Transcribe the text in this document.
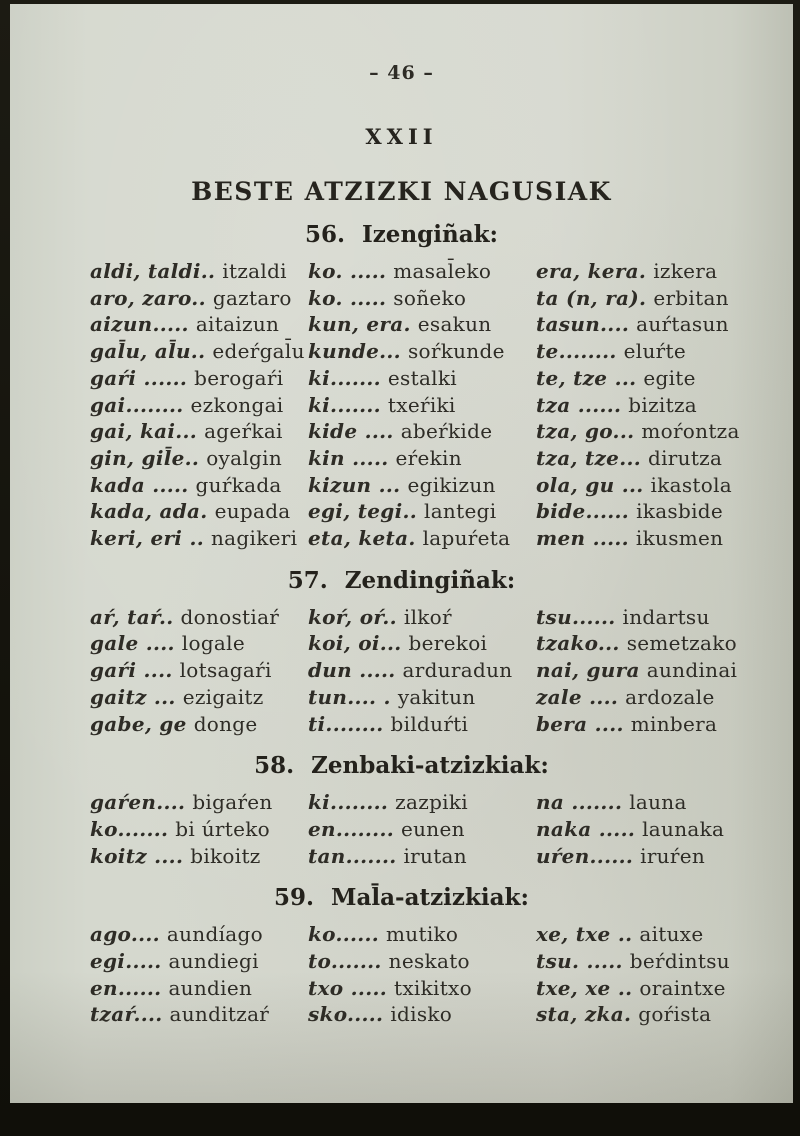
– 46 –
XXII
BESTE ATZIZKI NAGUSIAK
56. Izengiñak:
aldi, taldi.. itzaldi
aro, zaro.. gaztaro
aizun..... aitaizun
gal̄u, al̄u.. edeŕgal̄u
gaŕi ...... berogaŕi
gai........ ezkongai
gai, kai... ageŕkai
gin, gil̄e.. oyalgin
kada ..... guŕkada
kada, ada. eupada
keri, eri .. nagikeri
ko. ..... masal̄eko
ko. ..... soñeko
kun, era. esakun
kunde... soŕkunde
ki....... estalki
ki....... txeŕiki
kide .... abeŕkide
kin ..... eŕekin
kizun ... egikizun
egi, tegi.. lantegi
eta, keta. lapuŕeta
era, kera. izkera
ta (n, ra). erbitan
tasun.... auŕtasun
te........ eluŕte
te, tze ... egite
tza ...... bizitza
tza, go... moŕontza
tza, tze... dirutza
ola, gu ... ikastola
bide...... ikasbide
men ..... ikusmen
57. Zendingiñak:
aŕ, taŕ.. donostiaŕ
gale .... logale
gaŕi .... lotsagaŕi
gaitz ... ezigaitz
gabe, ge donge
koŕ, oŕ.. ilkoŕ
koi, oi... berekoi
dun ..... arduradun
tun.... . yakitun
ti........ bilduŕti
tsu...... indartsu
tzako... semetzako
nai, gura aundinai
zale .... ardozale
bera .... minbera
58. Zenbaki-atzizkiak:
gaŕen.... bigaŕen
ko....... bi úrteko
koitz .... bikoitz
ki........ zazpiki
en........ eunen
tan....... irutan
na ....... launa
naka ..... launaka
uŕen...... iruŕen
59. Mal̄a-atzizkiak:
ago.... aundíago
egi..... aundiegi
en...... aundien
tzaŕ.... aunditzaŕ
ko...... mutiko
to....... neskato
txo ..... txikitxo
sko..... idisko
xe, txe .. aituxe
tsu. ..... beŕdintsu
txe, xe .. oraintxe
sta, zka. goŕista
